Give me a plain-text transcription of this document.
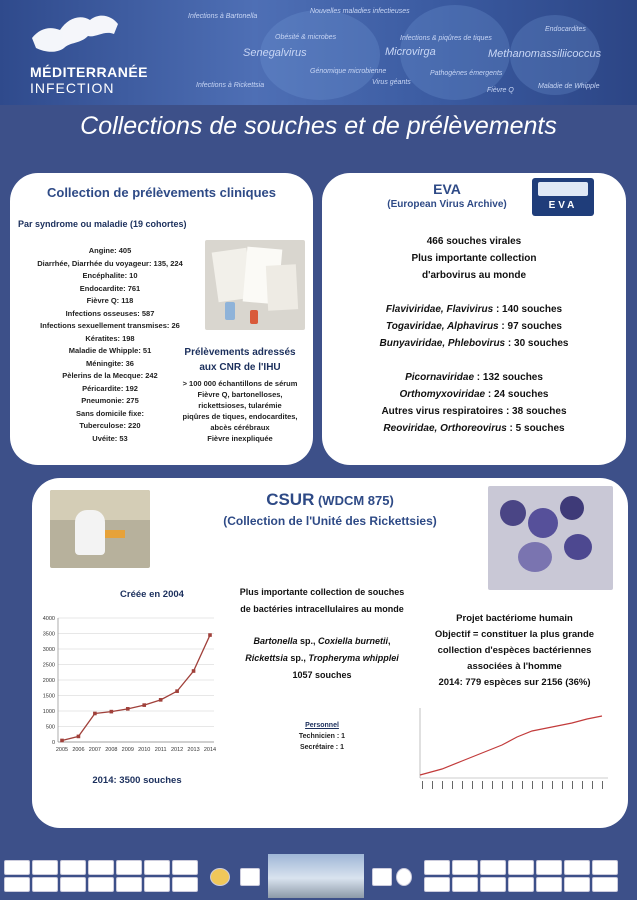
MÉDITERRANÉE
INFECTION
Infections à Bartonella
Nouvelles maladies infectieuses
Endocardites
Obésité & microbes	Infections & piqûres de tiques
Senegalvirus	Microvirga	Methanomassiliicoccus
Génomique microbienne	Pathogènes émergents
Infections à Rickettsia	Virus géants
Fièvre Q
Maladie de Whipple
Collections de souches et de prélèvements
Collection de prélèvements cliniques
Par syndrome ou maladie (19 cohortes)
Angine: 405
Diarrhée, Diarrhée du voyageur: 135, 224
Encéphalite: 10
Endocardite: 761
Fièvre Q: 118
Infections osseuses: 587
Infections sexuellement transmises: 26
Kératites: 198
Maladie de Whipple: 51
Méningite: 36
Pèlerins de la Mecque: 242
Péricardite: 192
Pneumonie: 275
Sans domicile fixe:
Tuberculose: 220
Uvéite: 53
Prélèvements adressés
aux CNR de l'IHU
> 100 000 échantillons de sérum
Fièvre Q, bartonelloses,
rickettsioses, tularémie
piqûres de tiques, endocardites,
abcès cérébraux
Fièvre inexpliquée
EVA
(European Virus Archive)	EVA
466 souches virales
Plus importante collection
d'arbovirus au monde
Flaviviridae, Flavivirus : 140 souches
Togaviridae, Alphavirus : 97 souches
Bunyaviridae, Phlebovirus : 30 souches
Picornaviridae : 132 souches
Orthomyxoviridae : 24 souches
Autres virus respiratoires : 38 souches
Reoviridae, Orthoreovirus : 5 souches
CSUR (WDCM 875)
(Collection de l'Unité des Rickettsies)
Créée en 2004
0
500
1000
1500
2000
2500
3000
3500
4000
2005 2006 2007 2008 2009 2010 2011 2012 2013 2014
2014: 3500 souches
Plus importante collection de souches
de bactéries intracellulaires au monde
Bartonella sp., Coxiella burnetii,
Rickettsia sp., Tropheryma whipplei
1057 souches
Personnel
Technicien : 1
Secrétaire : 1
Projet bactériome humain
Objectif = constituer la plus grande
collection d'espèces bactériennes
associées à l'homme
2014: 779 espèces sur 2156 (36%)
